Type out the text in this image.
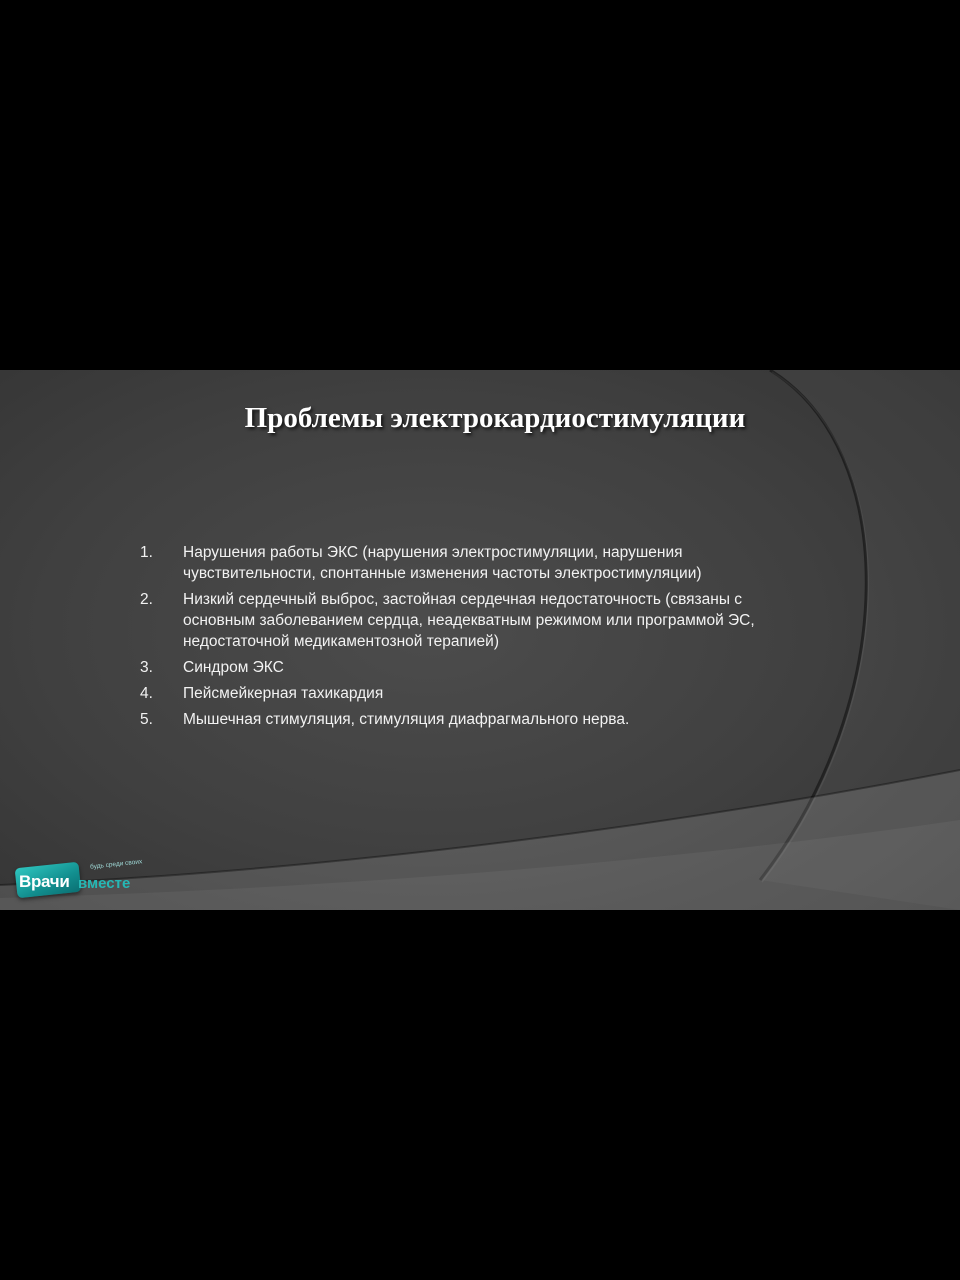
Проблемы электрокардиостимуляции
1.	Нарушения работы ЭКС (нарушения электростимуляции, нарушения чувствительности, спонтанные изменения частоты электростимуляции)
2.	Низкий сердечный выброс, застойная сердечная недостаточность (связаны с основным заболеванием сердца, неадекватным режимом или программой ЭС, недостаточной медикаментозной терапией)
3.	Синдром ЭКС
4.	Пейсмейкерная тахикардия
5.	Мышечная стимуляция, стимуляция диафрагмального нерва.
Врачи вместе
будь среди своих
